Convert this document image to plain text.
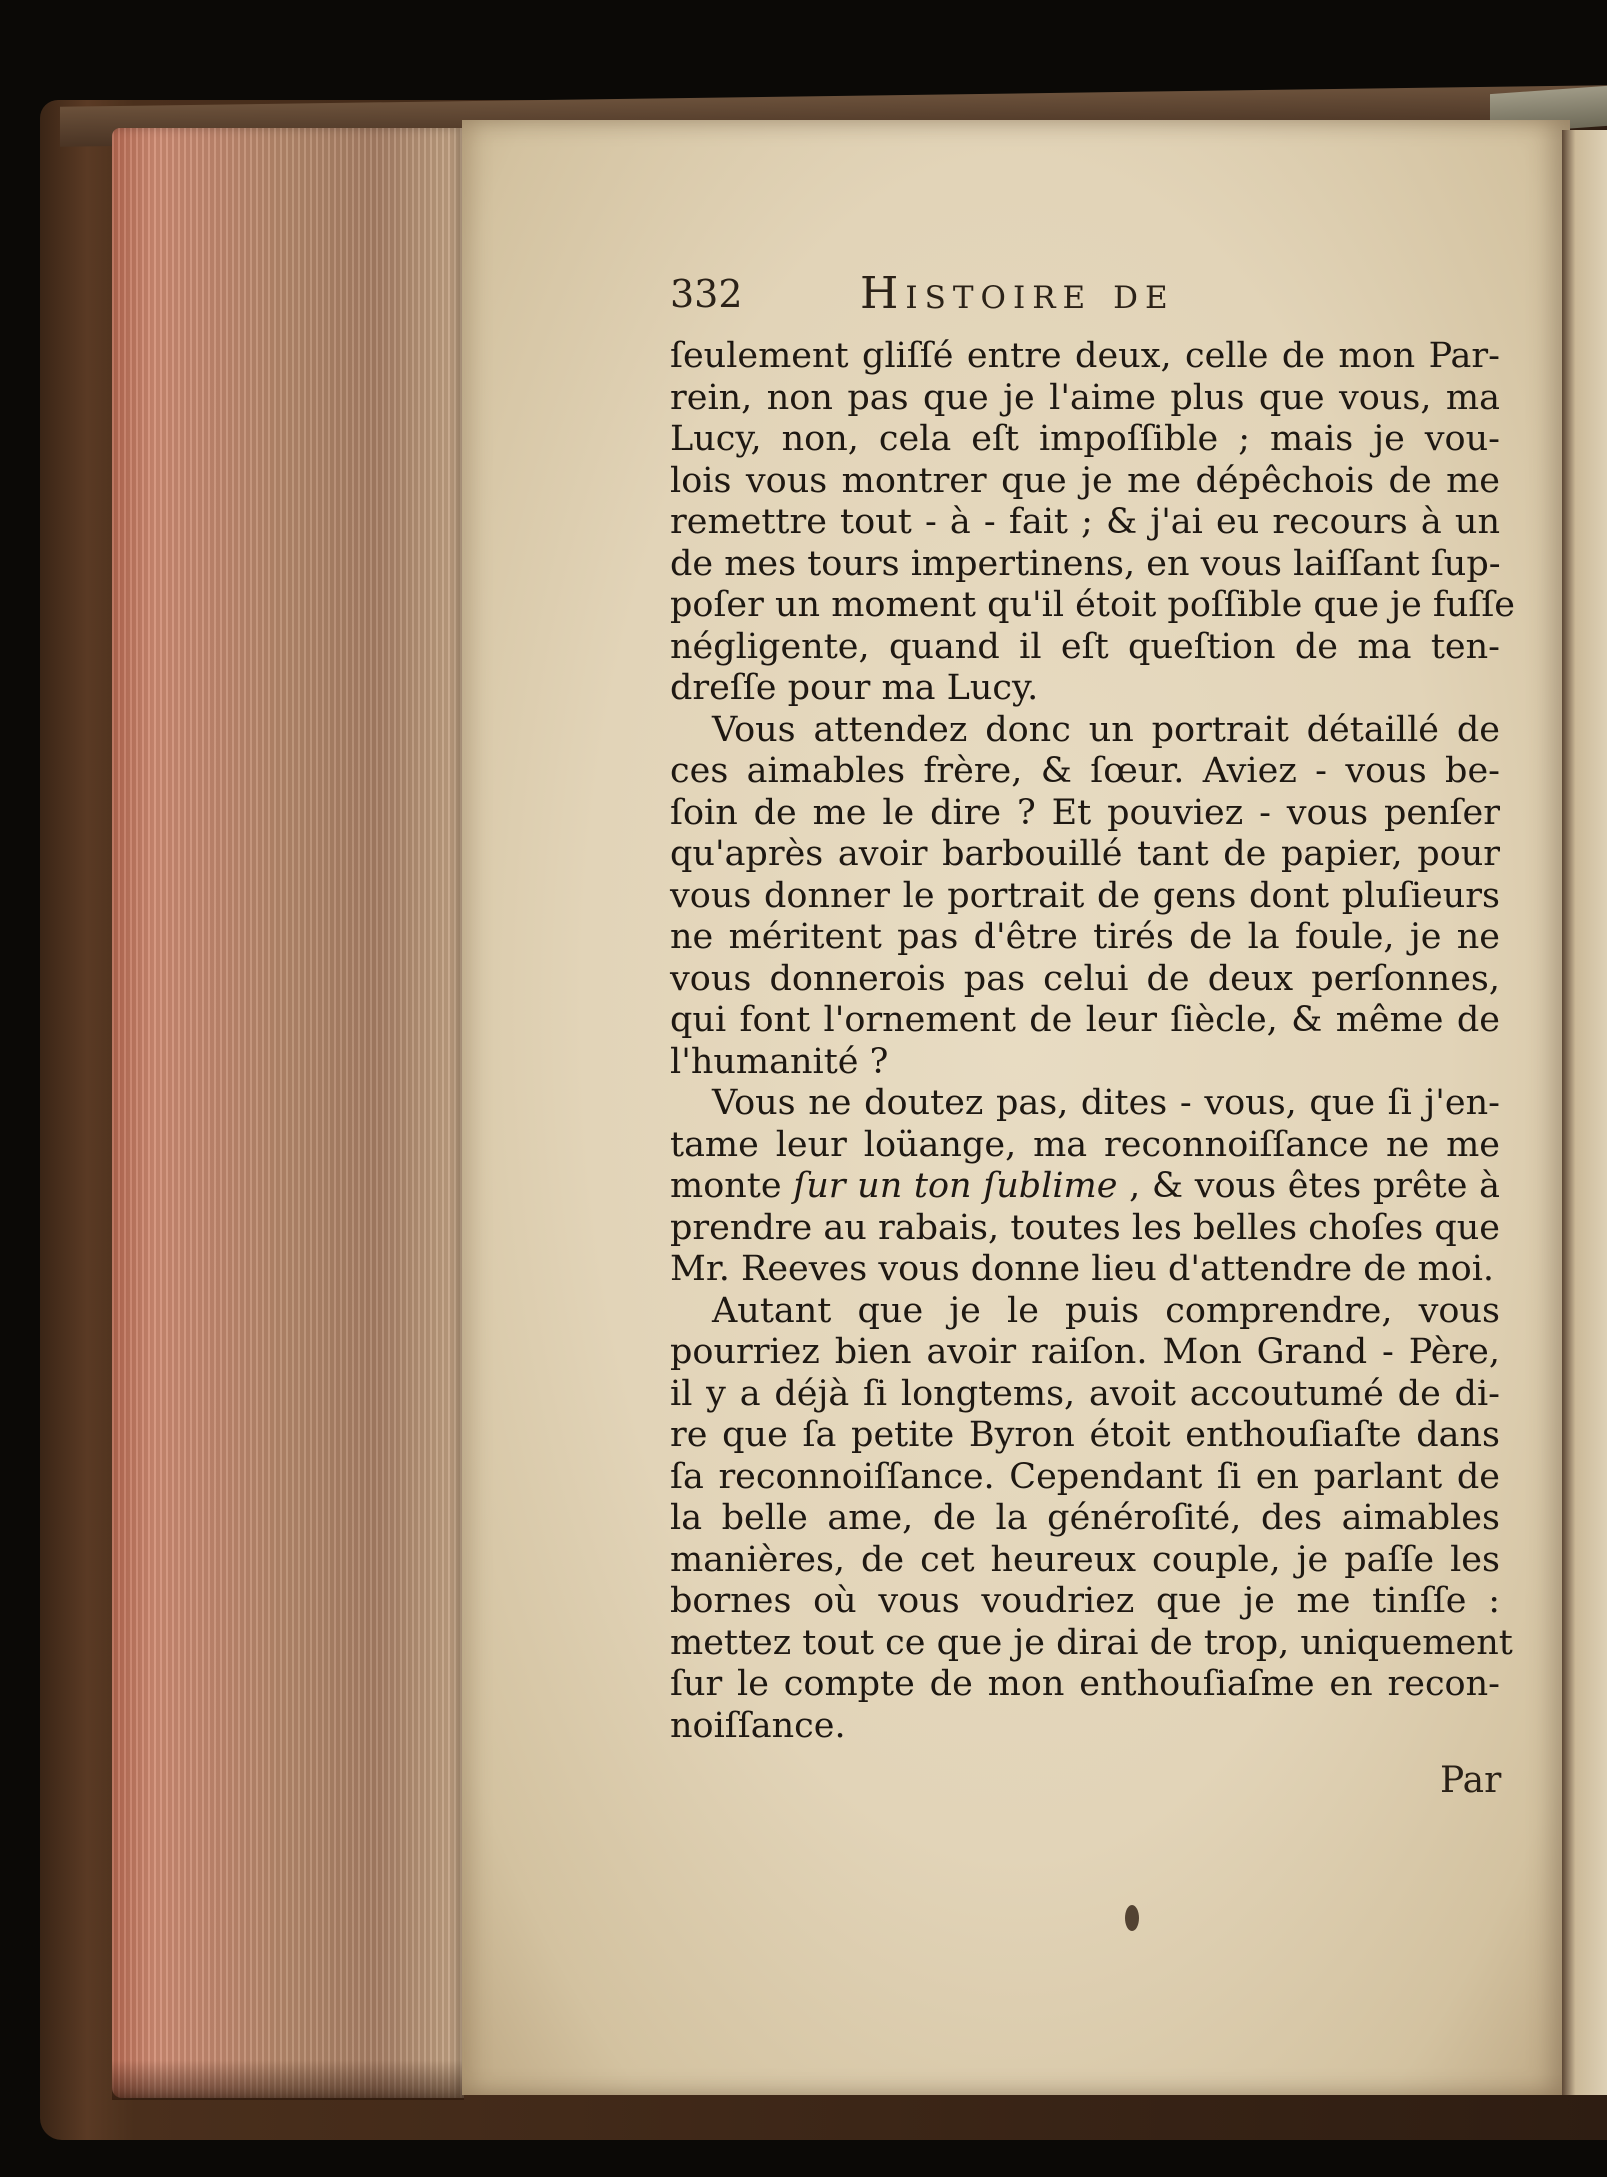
332	Histoire de
ſeulement gliſſé entre deux, celle de mon Par-
rein, non pas que je l'aime plus que vous, ma
Lucy, non, cela eſt impoſſible ; mais je vou-
lois vous montrer que je me dépêchois de me
remettre tout - à - fait ; & j'ai eu recours à un
de mes tours impertinens, en vous laiſſant ſup-
poſer un moment qu'il étoit poſſible que je fuſſe
négligente, quand il eſt queſtion de ma ten-
dreſſe pour ma Lucy.
Vous attendez donc un portrait détaillé de
ces aimables frère, & ſœur. Aviez - vous be-
ſoin de me le dire ? Et pouviez - vous penſer
qu'après avoir barbouillé tant de papier, pour
vous donner le portrait de gens dont pluſieurs
ne méritent pas d'être tirés de la foule, je ne
vous donnerois pas celui de deux perſonnes,
qui font l'ornement de leur ſiècle, & même de
l'humanité ?
Vous ne doutez pas, dites - vous, que ſi j'en-
tame leur loüange, ma reconnoiſſance ne me
monte ſur un ton ſublime , & vous êtes prête à
prendre au rabais, toutes les belles choſes que
Mr. Reeves vous donne lieu d'attendre de moi.
Autant que je le puis comprendre, vous
pourriez bien avoir raiſon. Mon Grand - Père,
il y a déjà ſi longtems, avoit accoutumé de di-
re que ſa petite Byron étoit enthouſiaſte dans
ſa reconnoiſſance. Cependant ſi en parlant de
la belle ame, de la généroſité, des aimables
manières, de cet heureux couple, je paſſe les
bornes où vous voudriez que je me tinſſe :
mettez tout ce que je dirai de trop, uniquement
ſur le compte de mon enthouſiaſme en recon-
noiſſance.
Par
